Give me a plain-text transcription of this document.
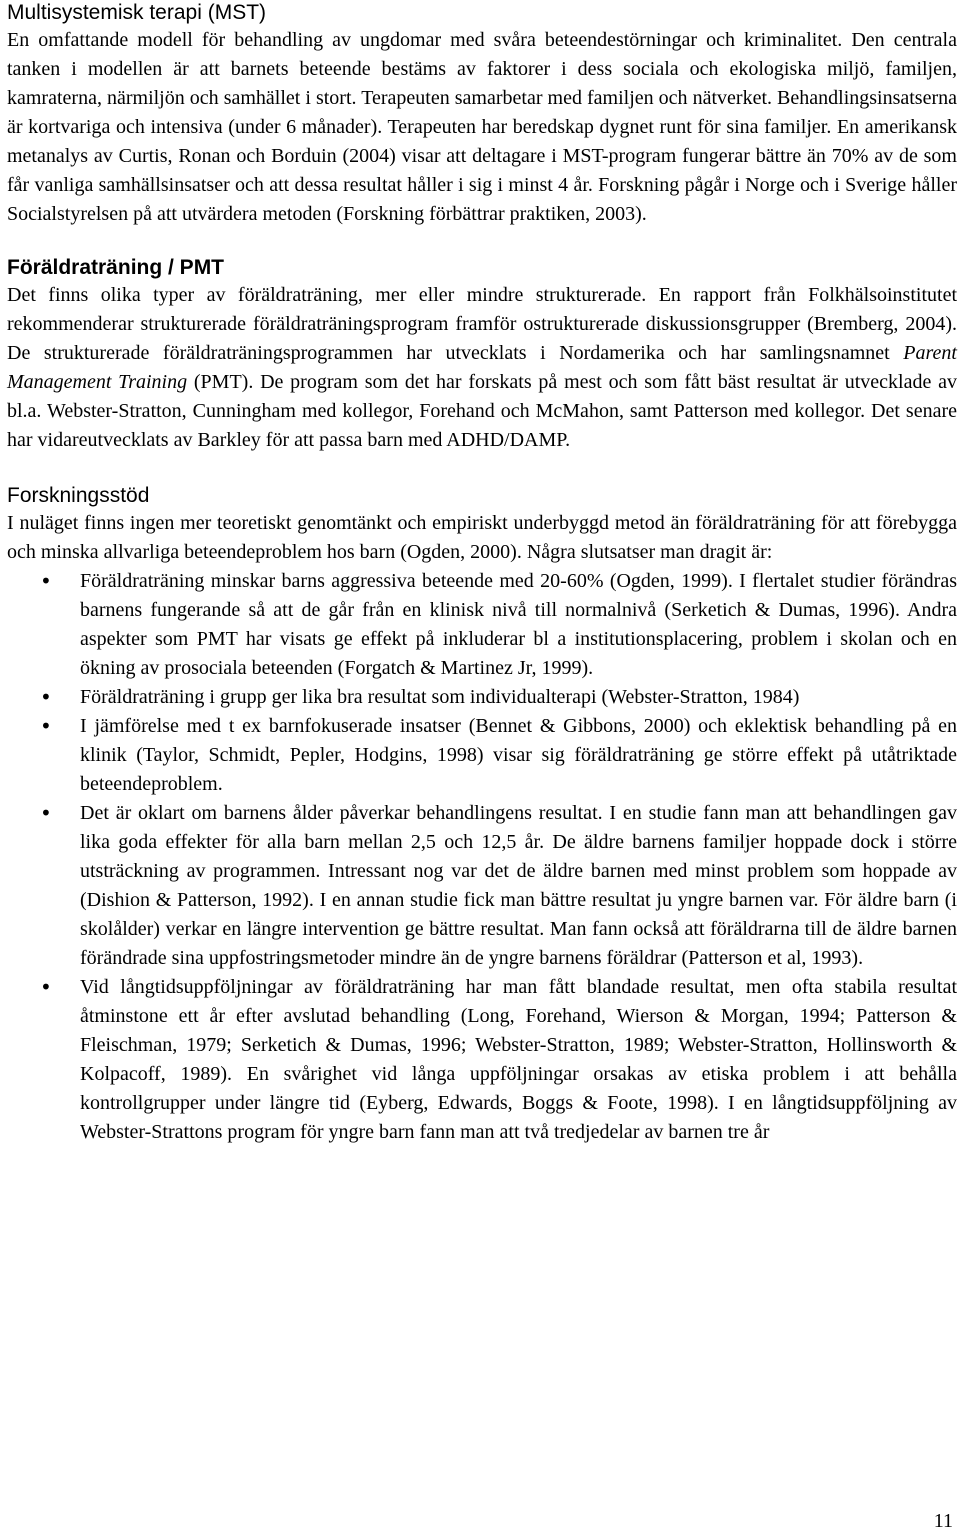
Multisystemisk terapi (MST)

En omfattande modell för behandling av ungdomar med svåra beteendestörningar och kriminalitet. Den centrala tanken i modellen är att barnets beteende bestäms av faktorer i dess sociala och ekologiska miljö, familjen, kamraterna, närmiljön och samhället i stort. Terapeuten samarbetar med familjen och nätverket. Behandlingsinsatserna är kortvariga och intensiva (under 6 månader). Terapeuten har beredskap dygnet runt för sina familjer. En amerikansk metanalys av Curtis, Ronan och Borduin (2004) visar att deltagare i MST-program fungerar bättre än 70% av de som får vanliga samhällsinsatser och att dessa resultat håller i sig i minst 4 år. Forskning pågår i Norge och i Sverige håller Socialstyrelsen på att utvärdera metoden (Forskning förbättrar praktiken, 2003).

Föräldraträning / PMT

Det finns olika typer av föräldraträning, mer eller mindre strukturerade. En rapport från Folkhälsoinstitutet rekommenderar strukturerade föräldraträningsprogram framför ostrukturerade diskussionsgrupper (Bremberg, 2004). De strukturerade föräldraträningsprogrammen har utvecklats i Nordamerika och har samlingsnamnet Parent Management Training (PMT). De program som det har forskats på mest och som fått bäst resultat är utvecklade av bl.a. Webster-Stratton, Cunningham med kollegor, Forehand och McMahon, samt Patterson med kollegor. Det senare har vidareutvecklats av Barkley för att passa barn med ADHD/DAMP.

Forskningsstöd

I nuläget finns ingen mer teoretiskt genomtänkt och empiriskt underbyggd metod än föräldraträning för att förebygga och minska allvarliga beteendeproblem hos barn (Ogden, 2000). Några slutsatser man dragit är:

• Föräldraträning minskar barns aggressiva beteende med 20-60% (Ogden, 1999). I flertalet studier förändras barnens fungerande så att de går från en klinisk nivå till normalnivå (Serketich & Dumas, 1996). Andra aspekter som PMT har visats ge effekt på inkluderar bl a institutionsplacering, problem i skolan och en ökning av prosociala beteenden (Forgatch & Martinez Jr, 1999).

• Föräldraträning i grupp ger lika bra resultat som individualterapi (Webster-Stratton, 1984)

• I jämförelse med t ex barnfokuserade insatser (Bennet & Gibbons, 2000) och eklektisk behandling på en klinik (Taylor, Schmidt, Pepler, Hodgins, 1998) visar sig föräldraträning ge större effekt på utåtriktade beteendeproblem.

• Det är oklart om barnens ålder påverkar behandlingens resultat. I en studie fann man att behandlingen gav lika goda effekter för alla barn mellan 2,5 och 12,5 år. De äldre barnens familjer hoppade dock i större utsträckning av programmen. Intressant nog var det de äldre barnen med minst problem som hoppade av (Dishion & Patterson, 1992). I en annan studie fick man bättre resultat ju yngre barnen var. För äldre barn (i skolålder) verkar en längre intervention ge bättre resultat. Man fann också att föräldrarna till de äldre barnen förändrade sina uppfostringsmetoder mindre än de yngre barnens föräldrar (Patterson et al, 1993).

• Vid långtidsuppföljningar av föräldraträning har man fått blandade resultat, men ofta stabila resultat åtminstone ett år efter avslutad behandling (Long, Forehand, Wierson & Morgan, 1994; Patterson & Fleischman, 1979; Serketich & Dumas, 1996; Webster-Stratton, 1989; Webster-Stratton, Hollinsworth & Kolpacoff, 1989). En svårighet vid långa uppföljningar orsakas av etiska problem i att behålla kontrollgrupper under längre tid (Eyberg, Edwards, Boggs & Foote, 1998). I en långtidsuppföljning av Webster-Strattons program för yngre barn fann man att två tredjedelar av barnen tre år

11
